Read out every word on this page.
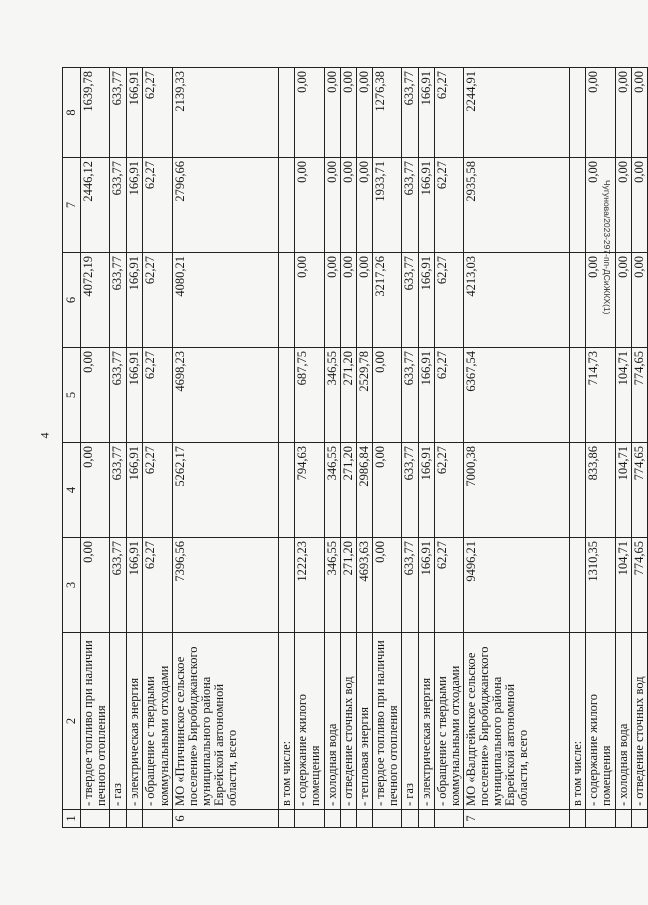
4
Чугунова/2023-297-пп-ДСиЖКХ(1)
1	2	3	4	5	6	7	8
	- твердое топливо при наличии печного отопления	0,00	0,00	0,00	4072,19	2446,12	1639,78
	- газ	633,77	633,77	633,77	633,77	633,77	633,77
	- электрическая энергия	166,91	166,91	166,91	166,91	166,91	166,91
	- обращение с твердыми коммунальными отходами	62,27	62,27	62,27	62,27	62,27	62,27
6	МО «Птичнинское сельское поселение» Биробиджанского муниципального района Еврейской автономной области, всего	7396,56	5262,17	4698,23	4080,21	2796,66	2139,33
	в том числе:						
	- содержание жилого помещения	1222,23	794,63	687,75	0,00	0,00	0,00
	- холодная вода	346,55	346,55	346,55	0,00	0,00	0,00
	- отведение сточных вод	271,20	271,20	271,20	0,00	0,00	0,00
	- тепловая энергия	4693,63	2986,84	2529,78	0,00	0,00	0,00
	- твердое топливо при наличии печного отопления	0,00	0,00	0,00	3217,26	1933,71	1276,38
	- газ	633,77	633,77	633,77	633,77	633,77	633,77
	- электрическая энергия	166,91	166,91	166,91	166,91	166,91	166,91
	- обращение с твердыми коммунальными отходами	62,27	62,27	62,27	62,27	62,27	62,27
7	МО «Валдгеймское сельское поселение» Биробиджанского муниципального района Еврейской автономной области, всего	9496,21	7000,38	6367,54	4213,03	2935,58	2244,91
	в том числе:						
	- содержание жилого помещения	1310,35	833,86	714,73	0,00	0,00	0,00
	- холодная вода	104,71	104,71	104,71	0,00	0,00	0,00
	- отведение сточных вод	774,65	774,65	774,65	0,00	0,00	0,00
